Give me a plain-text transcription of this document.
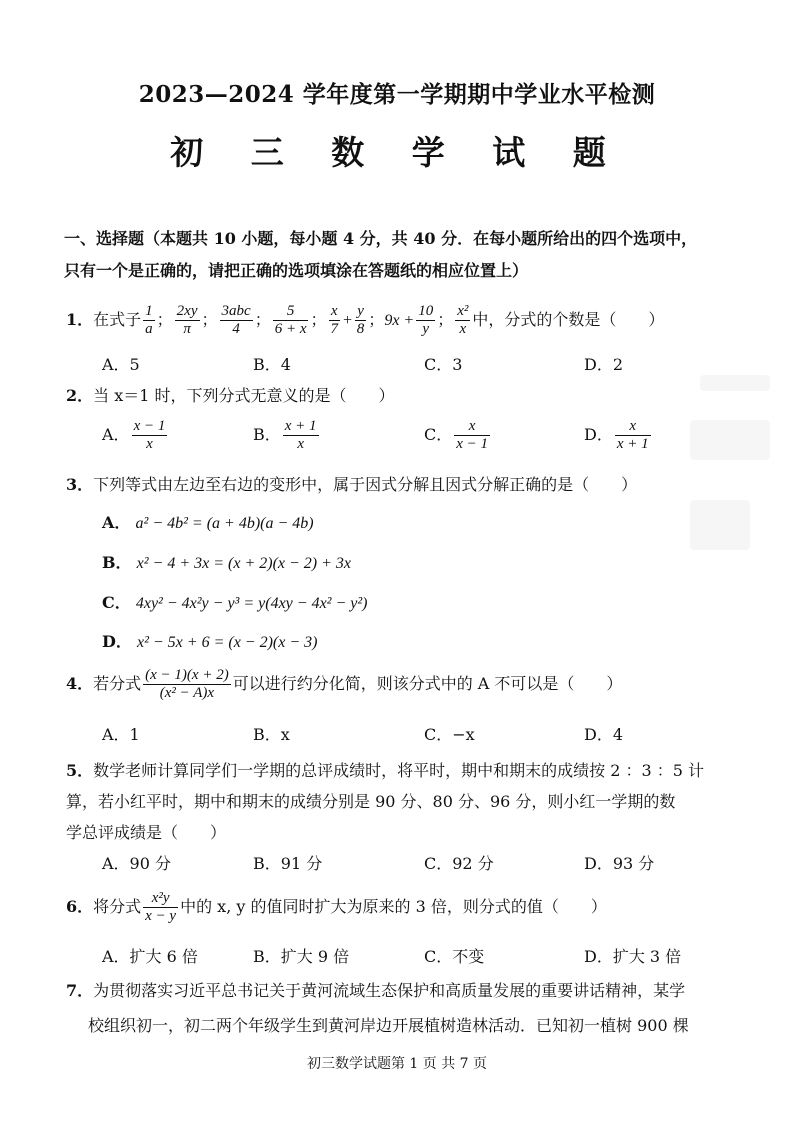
2023—2024 学年度第一学期期中学业水平检测
初 三 数 学 试 题
一、选择题（本题共 10 小题，每小题 4 分，共 40 分．在每小题所给出的四个选项中，
只有一个是正确的，请把正确的选项填涂在答题纸的相应位置上）
1．在式子 $\frac{1}{a}$ ； $\frac{2xy}{\pi}$ ； $\frac{\text{3abc}}{4}$ ； $\frac{5}{6 + x}$ ； $\frac{x}{7} + \frac{y}{8}$ ；$9x + \frac{10}{y}$ ； $\frac{\text{x²}}{x}$ 中，分式的个数是（　　）
A．5	B．4	C．3	D．2
2．当 x＝1 时，下列分式无意义的是（　　）
A． $\frac{x - 1}{x}$	B． $\frac{x + 1}{x}$	C． $\frac{x}{x - 1}$	D． $\frac{x}{x + 1}$
3．下列等式由左边至右边的变形中，属于因式分解且因式分解正确的是（　　）
A． a² − 4b² = (a + 4b)(a − 4b)
B． x² − 4 + 3x = (x + 2)(x − 2) + 3x
C． 4xy² − 4x²y − y³ = y(4xy − 4x² − y²)
D． x² − 5x + 6 = (x − 2)(x − 3)
4．若分式 $\frac{(x - 1)(x + 2)}{\text{(x² − A)x}}$ 可以进行约分化简，则该分式中的 A 不可以是（　　）
A．1	B．x	C．−x	D．4
5．数学老师计算同学们一学期的总评成绩时，将平时，期中和期末的成绩按 2 ：3 ：5 计
算，若小红平时，期中和期末的成绩分别是 90 分、80 分、96 分，则小红一学期的数
学总评成绩是（　　）
A．90 分	B．91 分	C．92 分	D．93 分
6．将分式 $\frac{\text{x²y}}{x - y}$ 中的 x, y 的值同时扩大为原来的 3 倍，则分式的值（　　）
A．扩大 6 倍	B．扩大 9 倍	C．不变	D．扩大 3 倍
7．为贯彻落实习近平总书记关于黄河流域生态保护和高质量发展的重要讲话精神，某学
校组织初一，初二两个年级学生到黄河岸边开展植树造林活动．已知初一植树 900 棵
初三数学试题第 1 页 共 7 页
